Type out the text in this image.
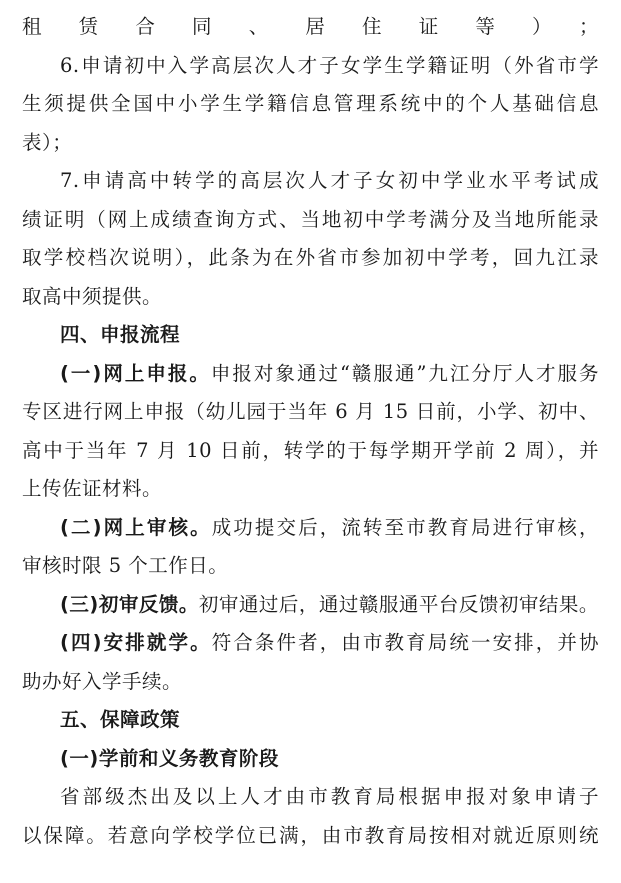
租赁合同、居住证等）；
6.申请初中入学高层次人才子女学生学籍证明（外省市学
生须提供全国中小学生学籍信息管理系统中的个人基础信息
表）；
7.申请高中转学的高层次人才子女初中学业水平考试成
绩证明（网上成绩查询方式、当地初中学考满分及当地所能录
取学校档次说明），此条为在外省市参加初中学考，回九江录
取高中须提供。
四、申报流程
(一)网上申报。申报对象通过“赣服通”九江分厅人才服务
专区进行网上申报（幼儿园于当年 6 月 15 日前，小学、初中、
高中于当年 7 月 10 日前，转学的于每学期开学前 2 周），并
上传佐证材料。
(二)网上审核。成功提交后，流转至市教育局进行审核，
审核时限 5 个工作日。
(三)初审反馈。初审通过后，通过赣服通平台反馈初审结果。
(四)安排就学。符合条件者，由市教育局统一安排，并协
助办好入学手续。
五、保障政策
(一)学前和义务教育阶段
省部级杰出及以上人才由市教育局根据申报对象申请子
以保障。若意向学校学位已满，由市教育局按相对就近原则统
